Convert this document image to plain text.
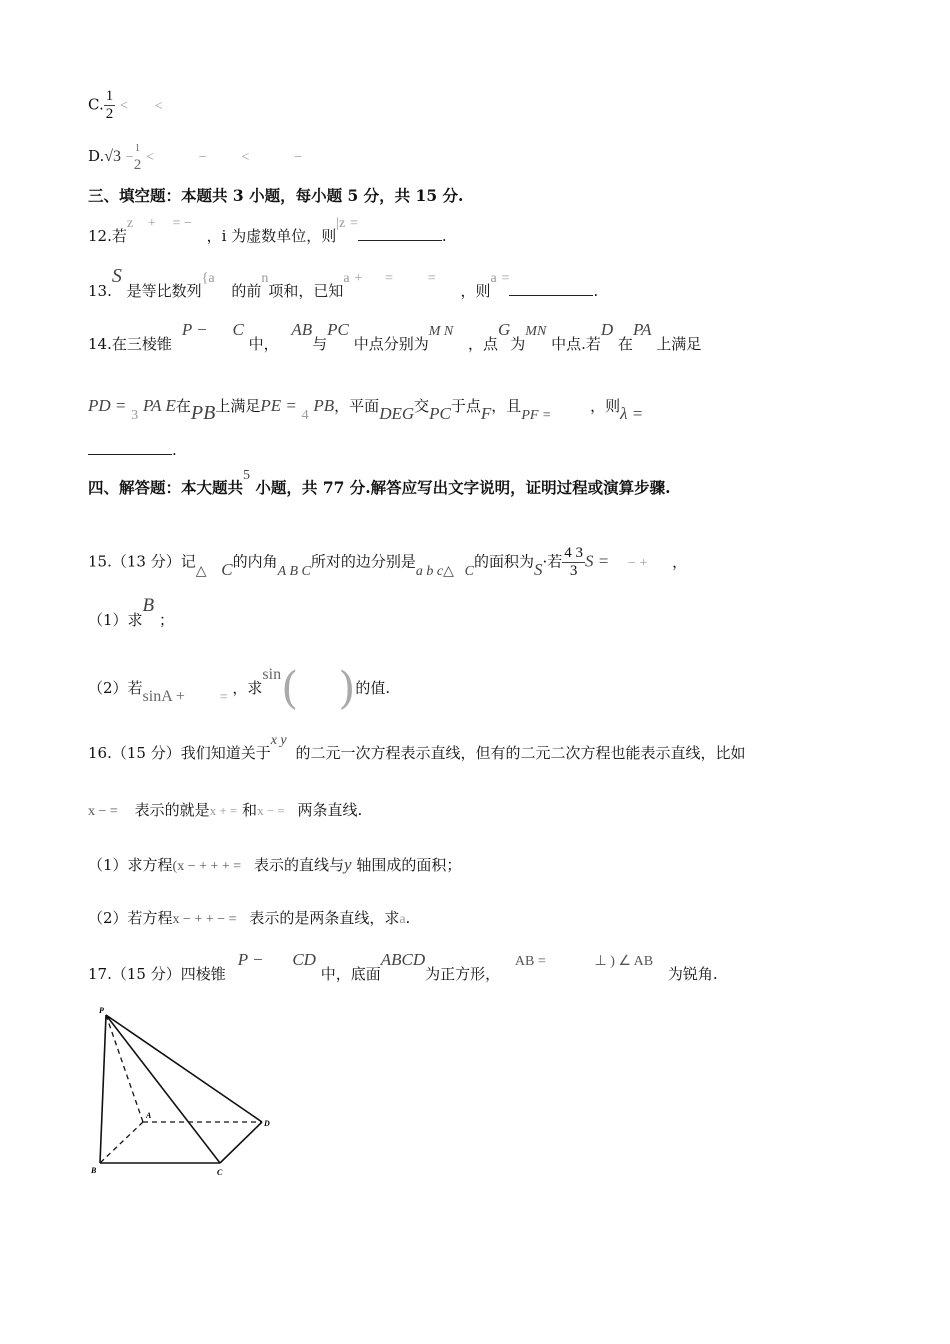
C. $\frac{1}{2}$ < <
D.√3 −
1
2 <	− <	−
三、填空题：本题共 3 小题，每小题 5 分，共 15 分.
12.若z + = − ，i 为虚数单位，则|z =.
13.S 是等比数列{a 的前n项和，已知a + = = ，则a =.
14.在三棱锥P − C 中， AB与PC 中点分别为M N ，点G为MN 中点.若D 在PA 上满足
PD = 3 PA E在PB上满足PE = 4 PB，平面DEG交PC于点F，且PF = ，则λ =
.
四、解答题：本大题共5 小题，共 77 分.解答应写出文字说明，证明过程或演算步骤.
15.（13 分）记△ C的内角A B C所对的边分别是a b c△ C的面积为S·若 $\frac{4 3}{3}$ S = − + ，
（1）求B ；
（2）若sinA + = ，求sin( )的值.
16.（15 分）我们知道关于x y 的二元一次方程表示直线，但有的二元二次方程也能表示直线，比如
x − = 表示的就是x + = 和x − = 两条直线.
（1）求方程(x − + + + = 表示的直线与y 轴围成的面积；
（2）若方程x − + + − = 表示的是两条直线，求a.
17.（15 分）四棱锥P − CD 中，底面ABCD为正方形， AB =	⊥ ) ∠ AB 为锐角.
P
A
B	C
D
